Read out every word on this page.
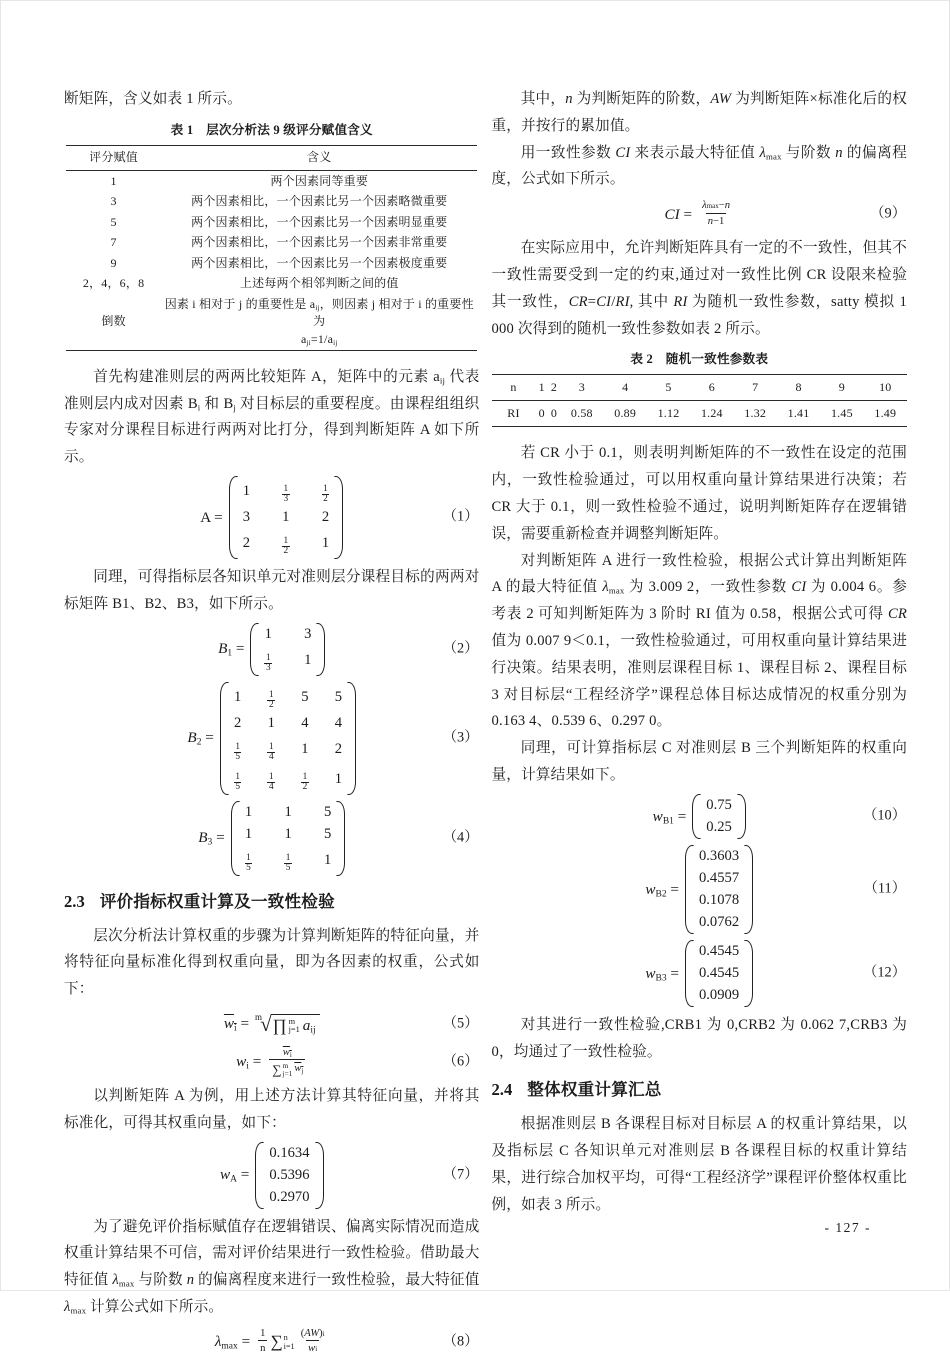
断矩阵，含义如表 1 所示。

表 1　层次分析法 9 级评分赋值含义
评分赋值	含义
1	两个因素同等重要
3	两个因素相比，一个因素比另一个因素略微重要
5	两个因素相比，一个因素比另一个因素明显重要
7	两个因素相比，一个因素比另一个因素非常重要
9	两个因素相比，一个因素比另一个因素极度重要
2，4，6，8	上述每两个相邻判断之间的值
倒数	因素 i 相对于 j 的重要性是 $a_{ij}$，则因素 j 相对于 i 的重要性为
$a_{ji}=1/a_{ij}$

首先构建准则层的两两比较矩阵 A，矩阵中的元素 $a_{ij}$ 代表准则层内成对因素 $B_i$ 和 $B_j$ 对目标层的重要程度。由课程组组织专家对分课程目标进行两两对比打分，得到判断矩阵 A 如下所示。

A =
1	$\frac{1}{3}$	$\frac{1}{2}$
3 1 2
2	$\frac{1}{2} 1$
（1）

同理，可得指标层各知识单元对准则层分课程目标的两两对标矩阵 B1、B2、B3，如下所示。

$B_1$ =
1 3
$\frac{1}{3} 1$
（2）
$B_2$ =
1	$\frac{1}{2} 5$ 5
2 1 4 4
$\frac{1}{5}$	$\frac{1}{4} 1$ 2
$\frac{1}{5}$	$\frac{1}{4}$	$\frac{1}{2} 1$
（3）
$B_3$ =
1 1 5
1 1 5
$\frac{1}{5}$	$\frac{1}{5} 1$
（4）
2.3 评价指标权重计算及一致性检验

层次分析法计算权重的步骤为计算判断矩阵的特征向量，并将特征向量标准化得到权重向量，即为各因素的权重，公式如下：

$w_i = ^m$
√ ∏ m
j=1 $a_{ij}$	（5）
$w_i = w_i$
∑ m
j=1 $w_j$	（6）

以判断矩阵 A 为例，用上述方法计算其特征向量，并将其标准化，可得其权重向量，如下：

$w_A$ =
0.1634
0.5396
0.2970
（7）

为了避免评价指标赋值存在逻辑错误、偏离实际情况而造成权重计算结果不可信，需对评价结果进行一致性检验。借助最大特征值 $\lambda_{max}$ 与阶数 n 的偏离程度来进行一致性检验，最大特征值 $\lambda_{max}$ 计算公式如下所示。

$\lambda_{max} = \frac{1}{n}$ ∑ n
i=1
( AW ) i
w i	（8）

其中，n 为判断矩阵的阶数，AW 为判断矩阵×标准化后的权重，并按行的累加值。

用一致性参数 CI 来表示最大特征值 $\lambda_{max}$ 与阶数 n 的偏离程度，公式如下所示。

CI = λ max − n
n −1	（9）

在实际应用中，允许判断矩阵具有一定的不一致性，但其不一致性需要受到一定的约束,通过对一致性比例 CR 设限来检验其一致性，CR=CI/RI, 其中 RI 为随机一致性参数，satty 模拟 1 000 次得到的随机一致性参数如表 2 所示。

表 2　随机一致性参数表
n	1	2	3	4	5	6	7	8	9	10
RI	0	0	0.58	0.89	1.12	1.24	1.32	1.41	1.45	1.49

若 CR 小于 0.1，则表明判断矩阵的不一致性在设定的范围内，一致性检验通过，可以用权重向量计算结果进行决策；若 CR 大于 0.1，则一致性检验不通过，说明判断矩阵存在逻辑错误，需要重新检查并调整判断矩阵。

对判断矩阵 A 进行一致性检验，根据公式计算出判断矩阵 A 的最大特征值 $\lambda_{max}$ 为 3.009 2，一致性参数 CI 为 0.004 6。参考表 2 可知判断矩阵为 3 阶时 RI 值为 0.58，根据公式可得 CR 值为 0.007 9＜0.1，一致性检验通过，可用权重向量计算结果进行决策。结果表明，准则层课程目标 1、课程目标 2、课程目标 3 对目标层“工程经济学”课程总体目标达成情况的权重分别为 0.163 4、0.539 6、0.297 0。

同理，可计算指标层 C 对准则层 B 三个判断矩阵的权重向量，计算结果如下。

$w_{B1}$ =
0.75
0.25
（10）
$w_{B2}$ =
0.3603
0.4557
0.1078
0.0762
（11）
$w_{B3}$ =
0.4545
0.4545
0.0909
（12）

对其进行一致性检验,CRB1 为 0,CRB2 为 0.062 7,CRB3 为 0，均通过了一致性检验。

2.4 整体权重计算汇总

根据准则层 B 各课程目标对目标层 A 的权重计算结果，以及指标层 C 各知识单元对准则层 B 各课程目标的权重计算结果，进行综合加权平均，可得“工程经济学”课程评价整体权重比例，如表 3 所示。

- 127 -
